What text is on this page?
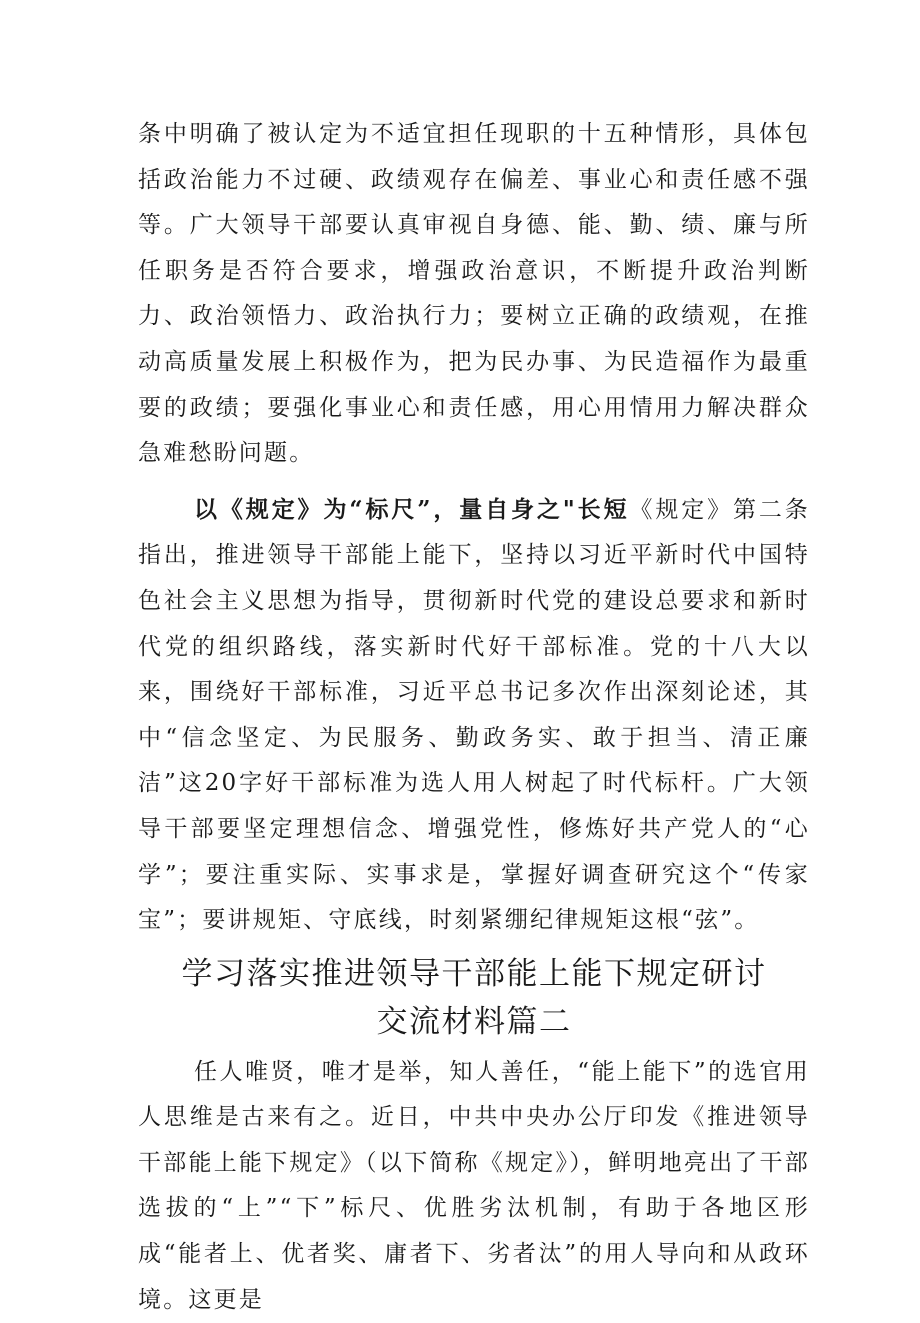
条中明确了被认定为不适宜担任现职的十五种情形，具体包括政治能力不过硬、政绩观存在偏差、事业心和责任感不强等。广大领导干部要认真审视自身德、能、勤、绩、廉与所任职务是否符合要求，增强政治意识，不断提升政治判断力、政治领悟力、政治执行力；要树立正确的政绩观，在推动高质量发展上积极作为，把为民办事、为民造福作为最重要的政绩；要强化事业心和责任感，用心用情用力解决群众急难愁盼问题。

以《规定》为“标尺”，量自身之"长短《规定》第二条指出，推进领导干部能上能下，坚持以习近平新时代中国特色社会主义思想为指导，贯彻新时代党的建设总要求和新时代党的组织路线，落实新时代好干部标准。党的十八大以来，围绕好干部标准，习近平总书记多次作出深刻论述，其中“信念坚定、为民服务、勤政务实、敢于担当、清正廉洁”这20字好干部标准为选人用人树起了时代标杆。广大领导干部要坚定理想信念、增强党性，修炼好共产党人的“心学”；要注重实际、实事求是，掌握好调查研究这个“传家宝”；要讲规矩、守底线，时刻紧绷纪律规矩这根“弦”。

学习落实推进领导干部能上能下规定研讨
交流材料篇二

任人唯贤，唯才是举，知人善任，“能上能下”的选官用人思维是古来有之。近日，中共中央办公厅印发《推进领导干部能上能下规定》（以下简称《规定》），鲜明地亮出了干部选拔的“上”“下”标尺、优胜劣汰机制，有助于各地区形成“能者上、优者奖、庸者下、劣者汰”的用人导向和从政环境。这更是
